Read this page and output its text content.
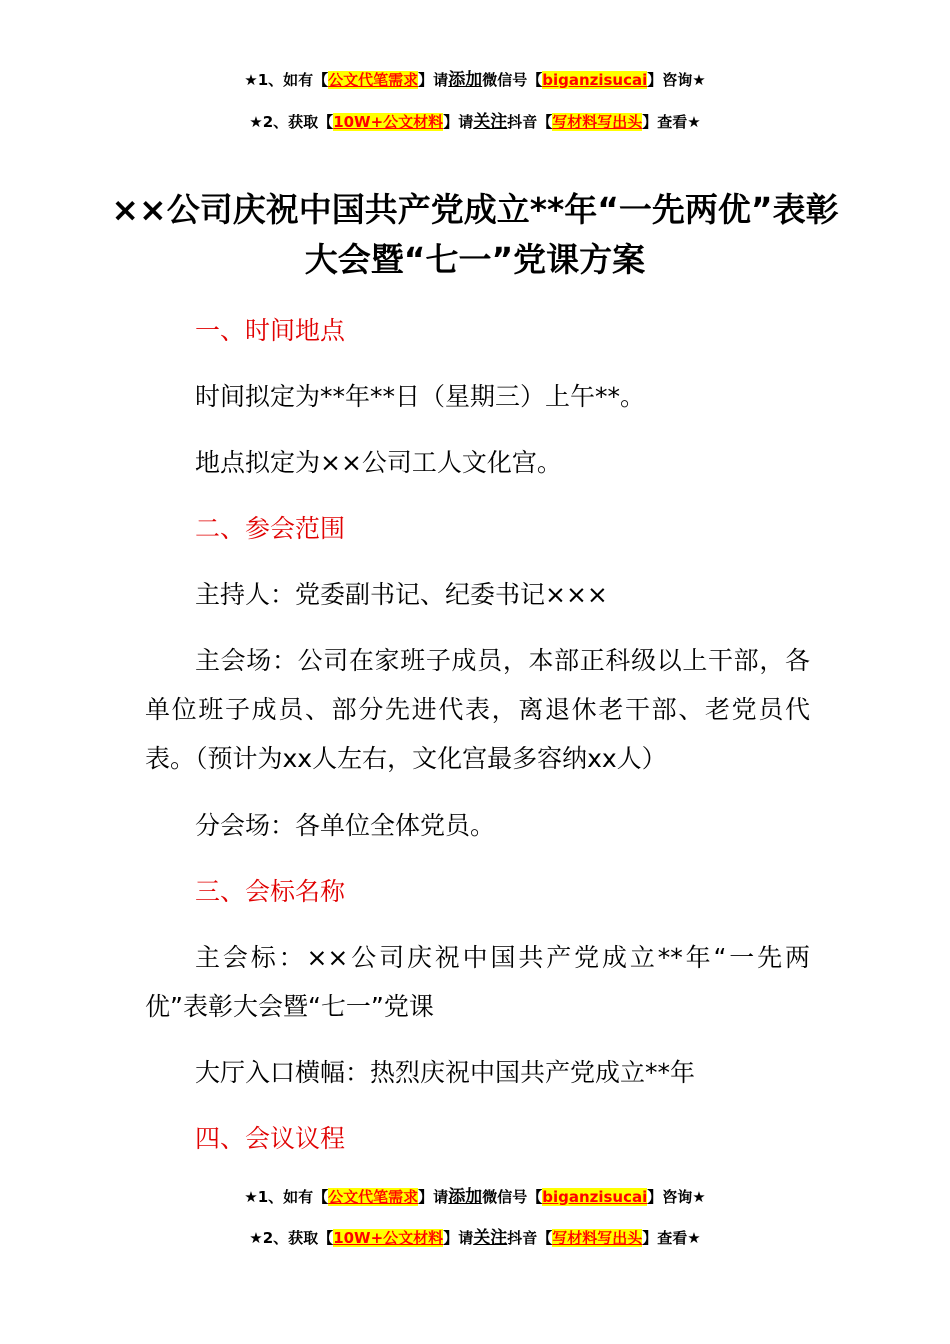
★1、如有【公文代笔需求】请添加微信号【biganzisucai】咨询★
★2、获取【10W+公文材料】请关注抖音【写材料写出头】查看★
××公司庆祝中国共产党成立**年“一先两优”表彰大会暨“七一”党课方案
一、时间地点
时间拟定为**年**日（星期三）上午**。
地点拟定为××公司工人文化宫。
二、参会范围
主持人：党委副书记、纪委书记×××
主会场：公司在家班子成员，本部正科级以上干部，各单位班子成员、部分先进代表，离退休老干部、老党员代表。（预计为xx人左右，文化宫最多容纳xx人）
分会场：各单位全体党员。
三、会标名称
主会标：××公司庆祝中国共产党成立**年“一先两优”表彰大会暨“七一”党课
大厅入口横幅：热烈庆祝中国共产党成立**年
四、会议议程
★1、如有【公文代笔需求】请添加微信号【biganzisucai】咨询★
★2、获取【10W+公文材料】请关注抖音【写材料写出头】查看★
